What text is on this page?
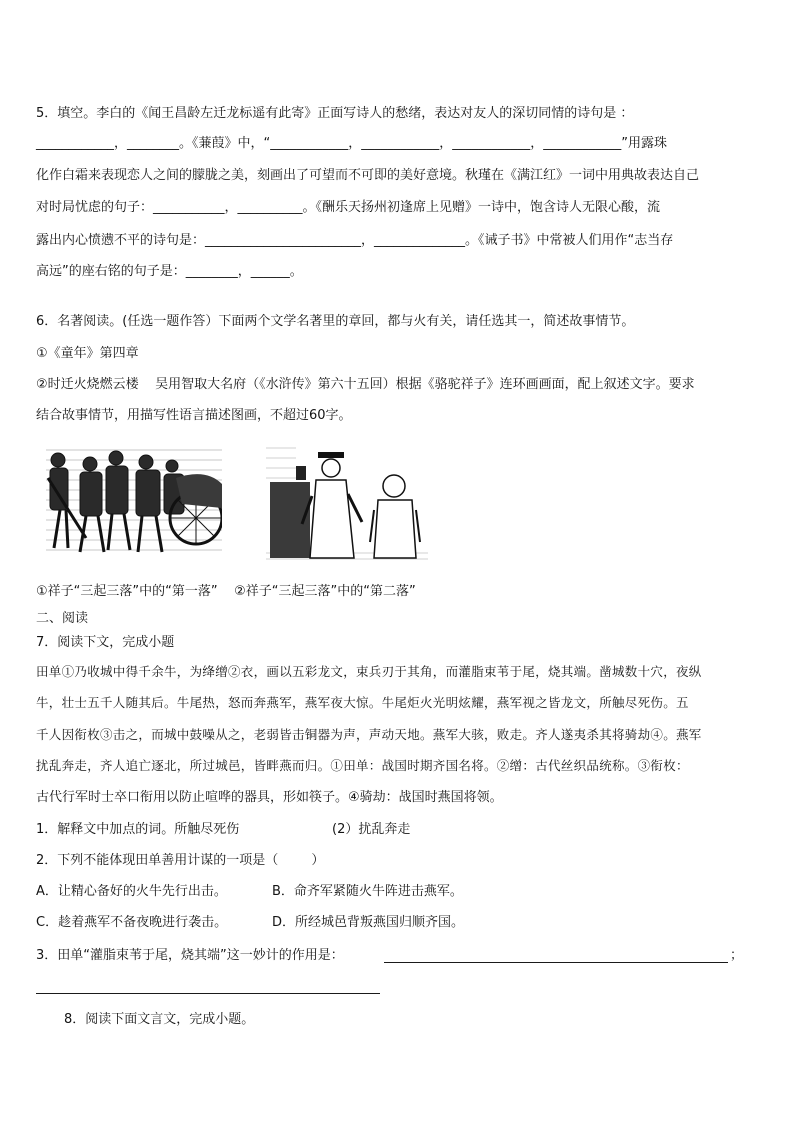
5．填空。李白的《闻王昌龄左迁龙标遥有此寄》正面写诗人的愁绪，表达对友人的深切同情的诗句是 ：
____________，________。《蒹葭》中，“____________，____________，____________，____________”用露珠
化作白霜来表现恋人之间的朦胧之美，刻画出了可望而不可即的美好意境。秋瑾在《满江红》一词中用典故表达自己
对时局忧虑的句子：___________，__________。《酬乐天扬州初逢席上见赠》一诗中，饱含诗人无限心酸，流
露出内心愤懑不平的诗句是：________________________，______________。《诫子书》中常被人们用作“志当存
高远”的座右铭的句子是：________，______。
6．名著阅读。(任选一题作答）下面两个文学名著里的章回，都与火有关，请任选其一，简述故事情节。
①《童年》第四章
②时迁火烧燃云楼    吴用智取大名府（《水浒传》第六十五回）根据《骆驼祥子》连环画画面，配上叙述文字。要求
结合故事情节，用描写性语言描述图画，不超过60字。
①祥子“三起三落”中的“第一落”    ②祥子“三起三落”中的“第二落”
二、阅读
7．阅读下文，完成小题
田单①乃收城中得千余牛，为绛缯②衣，画以五彩龙文，束兵刃于其角，而灌脂束苇于尾，烧其端。凿城数十穴，夜纵
牛，壮士五千人随其后。牛尾热，怒而奔燕军，燕军夜大惊。牛尾炬火光明炫耀，燕军视之皆龙文，所触尽死伤。五
千人因衔枚③击之，而城中鼓噪从之，老弱皆击铜器为声，声动天地。燕军大骇，败走。齐人遂夷杀其将骑劫④。燕军
扰乱奔走，齐人追亡逐北，所过城邑，皆畔燕而归。①田单：战国时期齐国名将。②缯：古代丝织品统称。③衔枚：
古代行军时士卒口衔用以防止喧哗的器具，形如筷子。④骑劫：战国时燕国将领。
1．解释文中加点的词。所触尽死伤	(2）扰乱奔走
2．下列不能体现田单善用计谋的一项是（        ）
A．让精心备好的火牛先行出击。	B．命齐军紧随火牛阵进击燕军。
C．趁着燕军不备夜晚进行袭击。	D．所经城邑背叛燕国归顺齐国。
3．田单“灌脂束苇于尾，烧其端”这一妙计的作用是：	；
8．阅读下面文言文，完成小题。
